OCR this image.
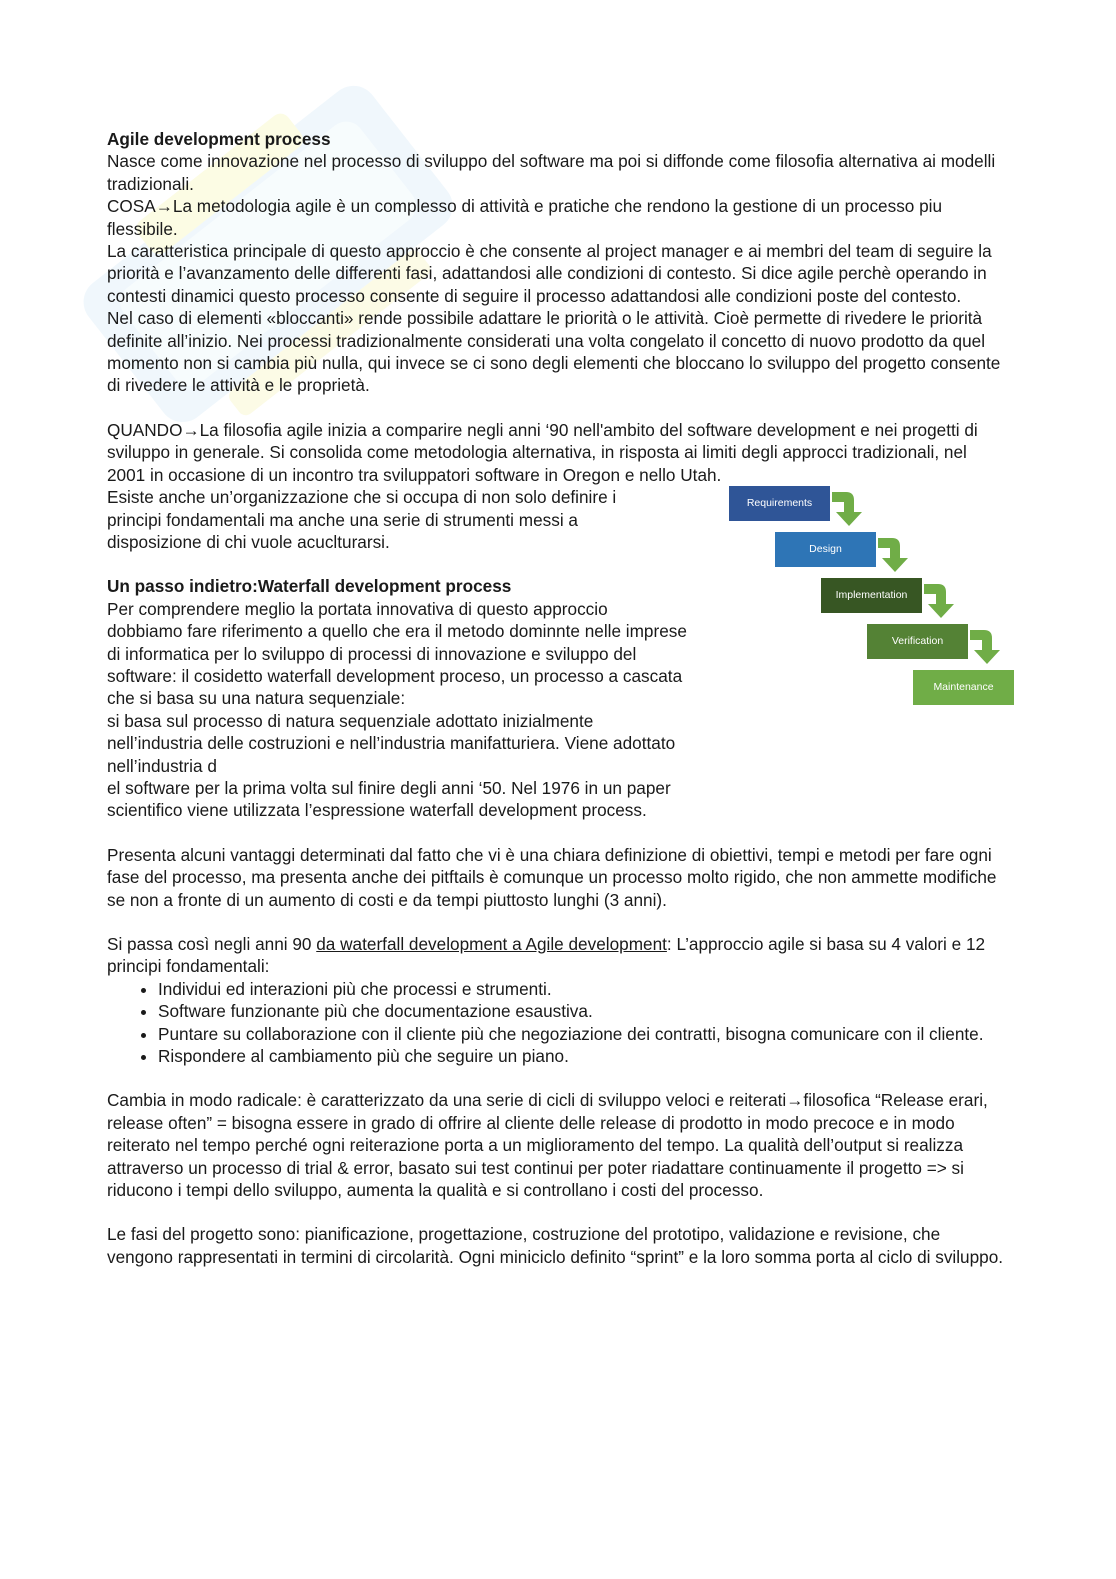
Agile development process

Nasce come innovazione nel processo di sviluppo del software ma poi si diffonde come filosofia alternativa ai modelli tradizionali.

COSA→La metodologia agile è un complesso di attività e pratiche che rendono la gestione di un processo piu flessibile.

La caratteristica principale di questo approccio è che consente al project manager e ai membri del team di seguire la priorità e l’avanzamento delle differenti fasi, adattandosi alle condizioni di contesto. Si dice agile perchè operando in contesti dinamici questo processo consente di seguire il processo adattandosi alle condizioni poste del contesto.

Nel caso di elementi «bloccanti» rende possibile adattare le priorità o le attività. Cioè permette di rivedere le priorità definite all’inizio. Nei processi tradizionalmente considerati una volta congelato il concetto di nuovo prodotto da quel momento non si cambia più nulla, qui invece se ci sono degli elementi che bloccano lo sviluppo del progetto consente di rivedere le attività e le proprietà.

QUANDO→La filosofia agile inizia a comparire negli anni ‘90 nell'ambito del software development e nei progetti di sviluppo in generale. Si consolida come metodologia alternativa, in risposta ai limiti degli approcci tradizionali, nel 2001 in occasione di un incontro tra sviluppatori software in Oregon e nello Utah.

Esiste anche un’organizzazione che si occupa di non solo definire i principi fondamentali ma anche una serie di strumenti messi a disposizione di chi vuole acuclturarsi.

Un passo indietro:Waterfall development process

Per comprendere meglio la portata innovativa di questo approccio dobbiamo fare riferimento a quello che era il metodo dominnte nelle imprese di informatica per lo sviluppo di processi di innovazione e sviluppo del software: il cosidetto waterfall development proceso, un processo a cascata che si basa su una natura sequenziale:

si basa sul processo di natura sequenziale adottato inizialmente nell’industria delle costruzioni e nell’industria manifatturiera. Viene adottato nell’industria d

el software per la prima volta sul finire degli anni ‘50. Nel 1976 in un paper scientifico viene utilizzata l’espressione waterfall development process.

Requirements
Design
Implementation
Verification
Maintenance

Presenta alcuni vantaggi determinati dal fatto che vi è una chiara definizione di obiettivi, tempi e metodi per fare ogni fase del processo, ma presenta anche dei pitftails è comunque un processo molto rigido, che non ammette modifiche se non a fronte di un aumento di costi e da tempi piuttosto lunghi (3 anni).

Si passa così negli anni 90 da waterfall development a Agile development: L’approccio agile si basa su 4 valori e 12 principi fondamentali:

• Individui ed interazioni più che processi e strumenti.
• Software funzionante più che documentazione esaustiva.
• Puntare su collaborazione con il cliente più che negoziazione dei contratti, bisogna comunicare con il cliente.
• Rispondere al cambiamento più che seguire un piano.

Cambia in modo radicale: è caratterizzato da una serie di cicli di sviluppo veloci e reiterati→filosofica “Release erari, release often” = bisogna essere in grado di offrire al cliente delle release di prodotto in modo precoce e in modo reiterato nel tempo perché ogni reiterazione porta a un miglioramento del tempo. La qualità dell’output si realizza attraverso un processo di trial & error, basato sui test continui per poter riadattare continuamente il progetto => si riducono i tempi dello sviluppo, aumenta la qualità e si controllano i costi del processo.

Le fasi del progetto sono: pianificazione, progettazione, costruzione del prototipo, validazione e revisione, che vengono rappresentati in termini di circolarità. Ogni miniciclo definito “sprint” e la loro somma porta al ciclo di sviluppo.
